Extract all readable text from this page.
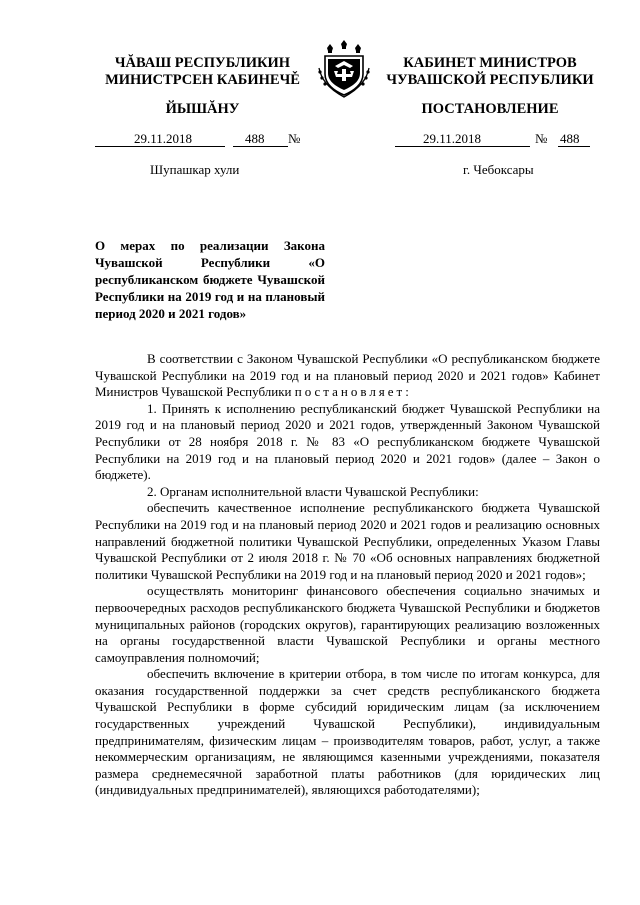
ЧĂВАШ РЕСПУБЛИКИН
МИНИСТРСЕН КАБИНЕЧĚ
ЙЫШĂНУ
КАБИНЕТ МИНИСТРОВ
ЧУВАШСКОЙ РЕСПУБЛИКИ
ПОСТАНОВЛЕНИЕ
29.11.2018	488 №	29.11.2018	№ 488
Шупашкар хули	г. Чебоксары
О мерах по реализации Закона Чувашской Республики «О республиканском бюджете Чувашской Республики на 2019 год и на плановый период 2020 и 2021 годов»

В соответствии с Законом Чувашской Республики «О республиканском бюджете Чувашской Республики на 2019 год и на плановый период 2020 и 2021 годов» Кабинет Министров Чувашской Республики постановляет:

1. Принять к исполнению республиканский бюджет Чувашской Республики на 2019 год и на плановый период 2020 и 2021 годов, утвержденный Законом Чувашской Республики от 28 ноября 2018 г. № 83 «О республиканском бюджете Чувашской Республики на 2019 год и на плановый период 2020 и 2021 годов» (далее – Закон о бюджете).

2. Органам исполнительной власти Чувашской Республики:

обеспечить качественное исполнение республиканского бюджета Чувашской Республики на 2019 год и на плановый период 2020 и 2021 годов и реализацию основных направлений бюджетной политики Чувашской Республики, определенных Указом Главы Чувашской Республики от 2 июля 2018 г. № 70 «Об основных направлениях бюджетной политики Чувашской Республики на 2019 год и на плановый период 2020 и 2021 годов»;

осуществлять мониторинг финансового обеспечения социально значимых и первоочередных расходов республиканского бюджета Чувашской Республики и бюджетов муниципальных районов (городских округов), гарантирующих реализацию возложенных на органы государственной власти Чувашской Республики и органы местного самоуправления полномочий;

обеспечить включение в критерии отбора, в том числе по итогам конкурса, для оказания государственной поддержки за счет средств республиканского бюджета Чувашской Республики в форме субсидий юридическим лицам (за исключением государственных учреждений Чувашской Республики), индивидуальным предпринимателям, физическим лицам – производителям товаров, работ, услуг, а также некоммерческим организациям, не являющимся казенными учреждениями, показателя размера среднемесячной заработной платы работников (для юридических лиц (индивидуальных предпринимателей), являющихся работодателями);
